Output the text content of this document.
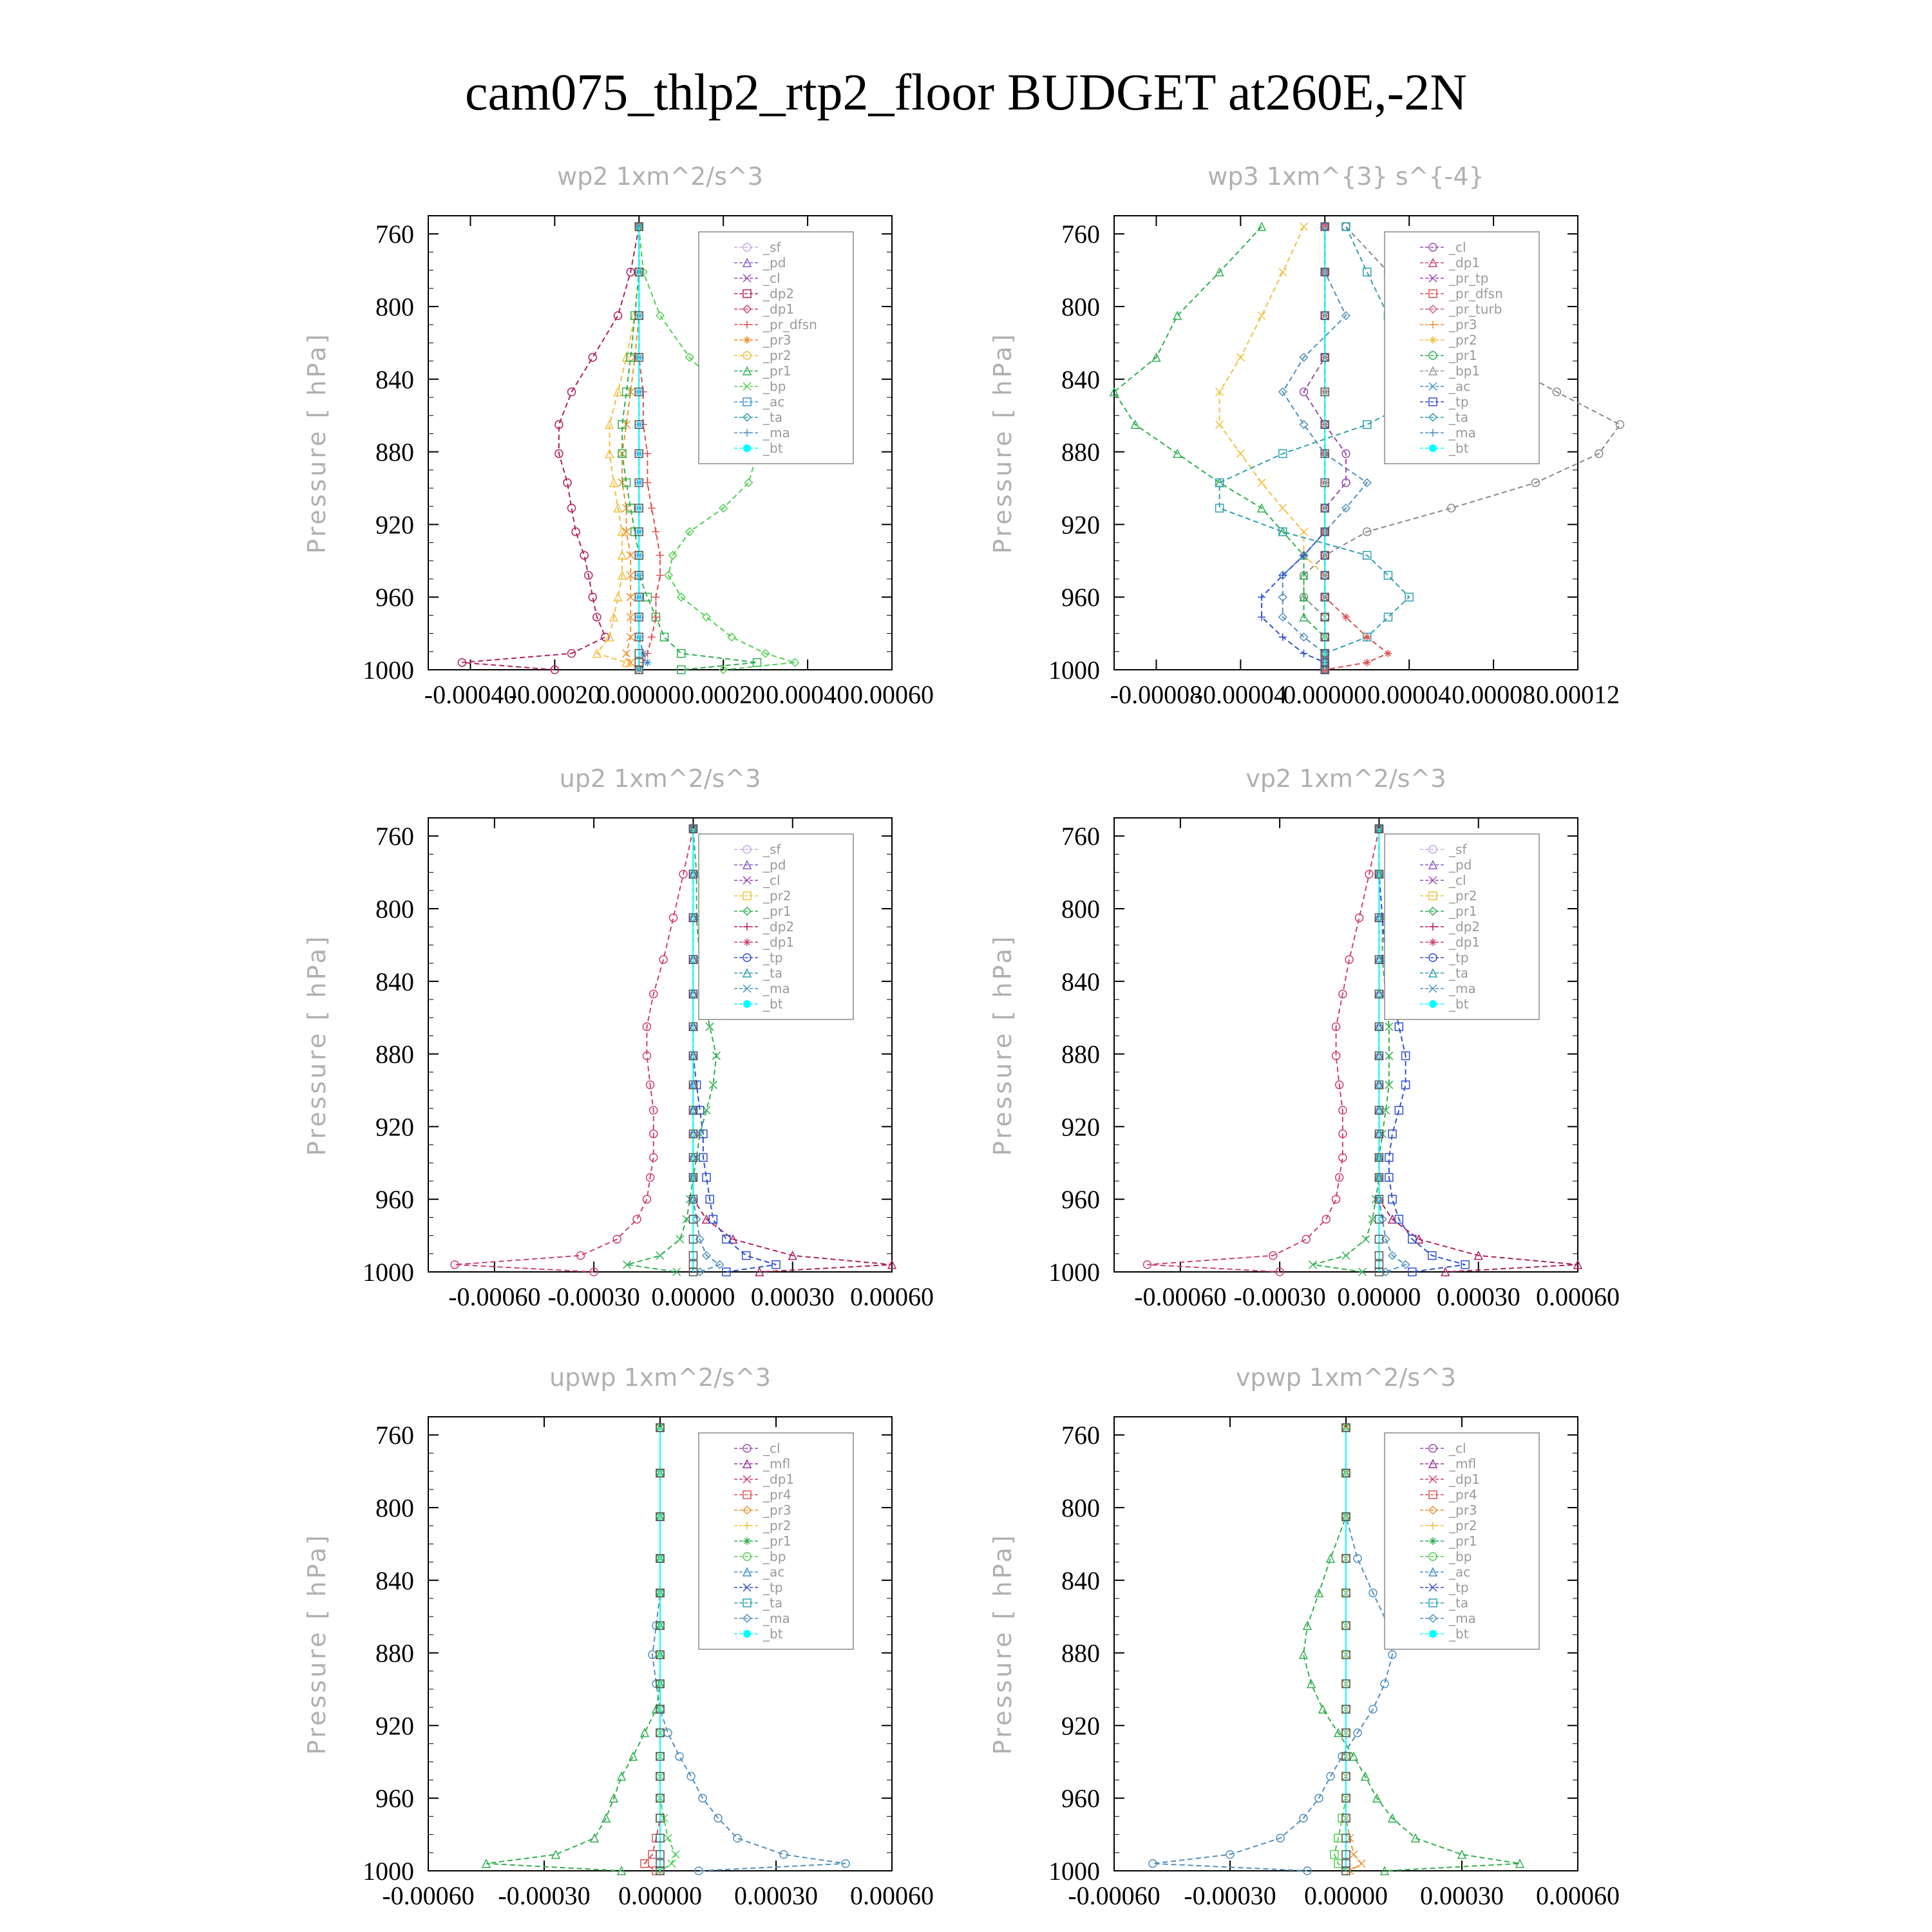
cam075_thlp2_rtp2_floor BUDGET at260E,-2N
wp2 1xm^2/s^3
Pressure [ hPa]
760
800
840
880
920
960
1000
-0.00040
-0.00020
0.00000 0.00020 0.00040 0.00060
_sf
_pd
_cl
_dp2
_dp1
_pr_dfsn
_pr3
_pr2
_pr1
_bp
_ac
_ta
_ma
_bt
wp3 1xm^{3} s^{-4}
Pressure [ hPa]
760
800
840
880
920
960
1000
-0.00008
-0.00004
0.00000 0.00004 0.00008 0.00012
_cl
_dp1
_pr_tp
_pr_dfsn
_pr_turb
_pr3
_pr2
_pr1
_bp1
_ac
_tp
_ta
_ma
_bt
up2 1xm^2/s^3
Pressure [ hPa]
760
800
840
880
920
960
1000
-0.00060 -0.00030 0.00000 0.00030 0.00060
_sf
_pd
_cl
_pr2
_pr1
_dp2
_dp1
_tp
_ta
_ma
_bt
vp2 1xm^2/s^3
Pressure [ hPa]
760
800
840
880
920
960
1000
-0.00060 -0.00030 0.00000 0.00030 0.00060
_sf
_pd
_cl
_pr2
_pr1
_dp2
_dp1
_tp
_ta
_ma
_bt
upwp 1xm^2/s^3
Pressure [ hPa]
760
800
840
880
920
960
1000
-0.00060 -0.00030 0.00000 0.00030 0.00060
_cl
_mfl
_dp1
_pr4
_pr3
_pr2
_pr1
_bp
_ac
_tp
_ta
_ma
_bt
vpwp 1xm^2/s^3
Pressure [ hPa]
760
800
840
880
920
960
1000
-0.00060 -0.00030 0.00000 0.00030 0.00060
_cl
_mfl
_dp1
_pr4
_pr3
_pr2
_pr1
_bp
_ac
_tp
_ta
_ma
_bt
